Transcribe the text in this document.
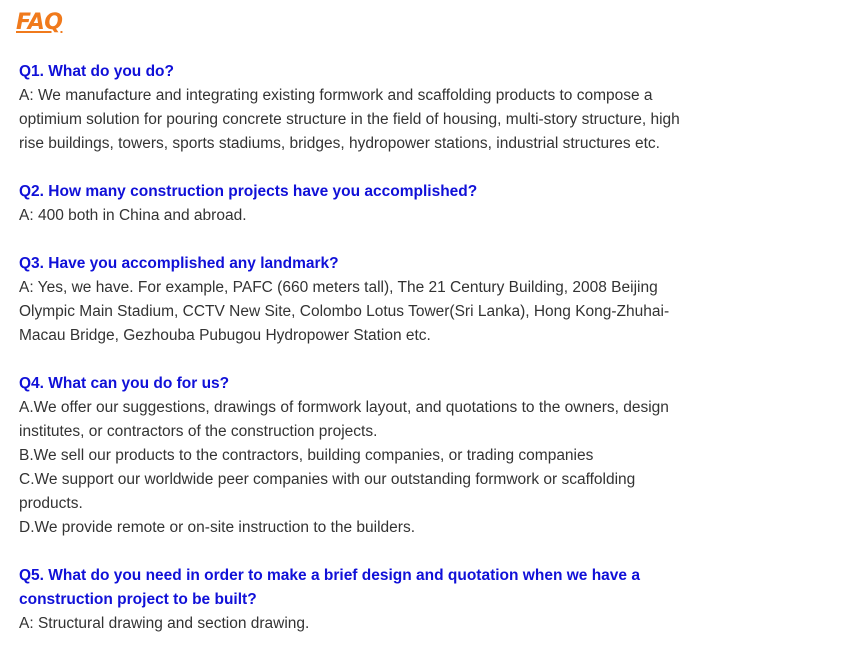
FAQ

Q1. What do you do?

A: We manufacture and integrating existing formwork and scaffolding products to compose a
optimium solution for pouring concrete structure in the field of housing, multi-story structure, high
rise buildings, towers, sports stadiums, bridges, hydropower stations, industrial structures etc.

Q2. How many construction projects have you accomplished?

A: 400 both in China and abroad.

Q3. Have you accomplished any landmark?

A: Yes, we have. For example, PAFC (660 meters tall), The 21 Century Building, 2008 Beijing
Olympic Main Stadium, CCTV New Site, Colombo Lotus Tower(Sri Lanka), Hong Kong-Zhuhai-
Macau Bridge, Gezhouba Pubugou Hydropower Station etc.

Q4. What can you do for us?

A.We offer our suggestions, drawings of formwork layout, and quotations to the owners, design
institutes, or contractors of the construction projects.
B.We sell our products to the contractors, building companies, or trading companies
C.We support our worldwide peer companies with our outstanding formwork or scaffolding
products.
D.We provide remote or on-site instruction to the builders.

Q5. What do you need in order to make a brief design and quotation when we have a
construction project to be built?

A: Structural drawing and section drawing.
